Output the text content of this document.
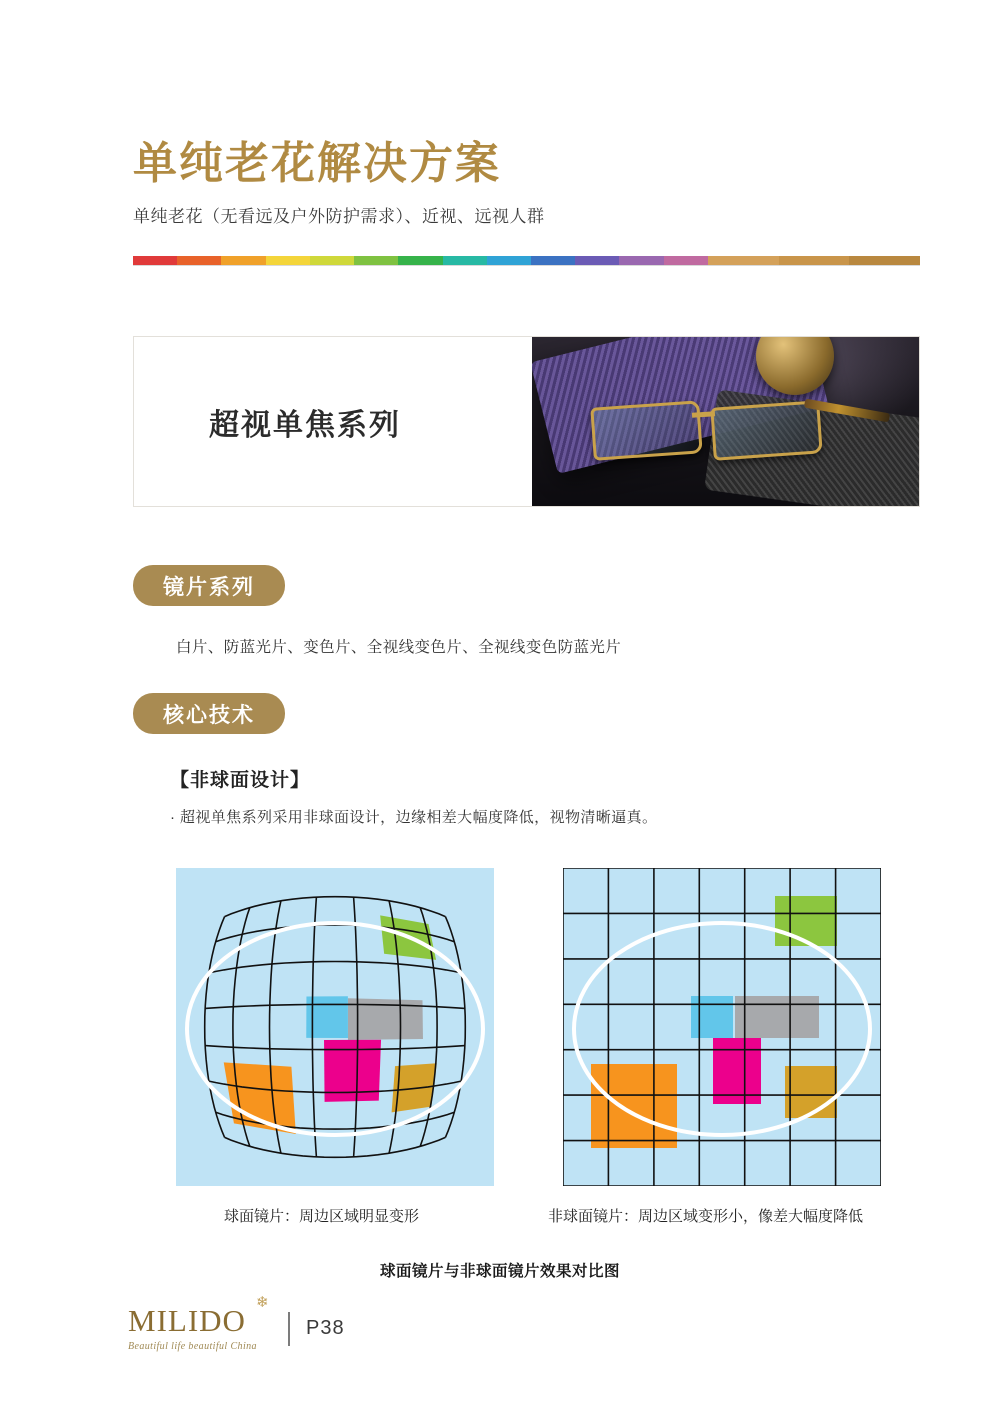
单纯老花解决方案
单纯老花（无看远及户外防护需求）、近视、远视人群
超视单焦系列
镜片系列
白片、防蓝光片、变色片、全视线变色片、全视线变色防蓝光片
核心技术
【非球面设计】
· 超视单焦系列采用非球面设计，边缘相差大幅度降低，视物清晰逼真。
球面镜片：周边区域明显变形	非球面镜片：周边区域变形小，像差大幅度降低
球面镜片与非球面镜片效果对比图
MILIDO
❄
Beautiful life beautiful China
P38
